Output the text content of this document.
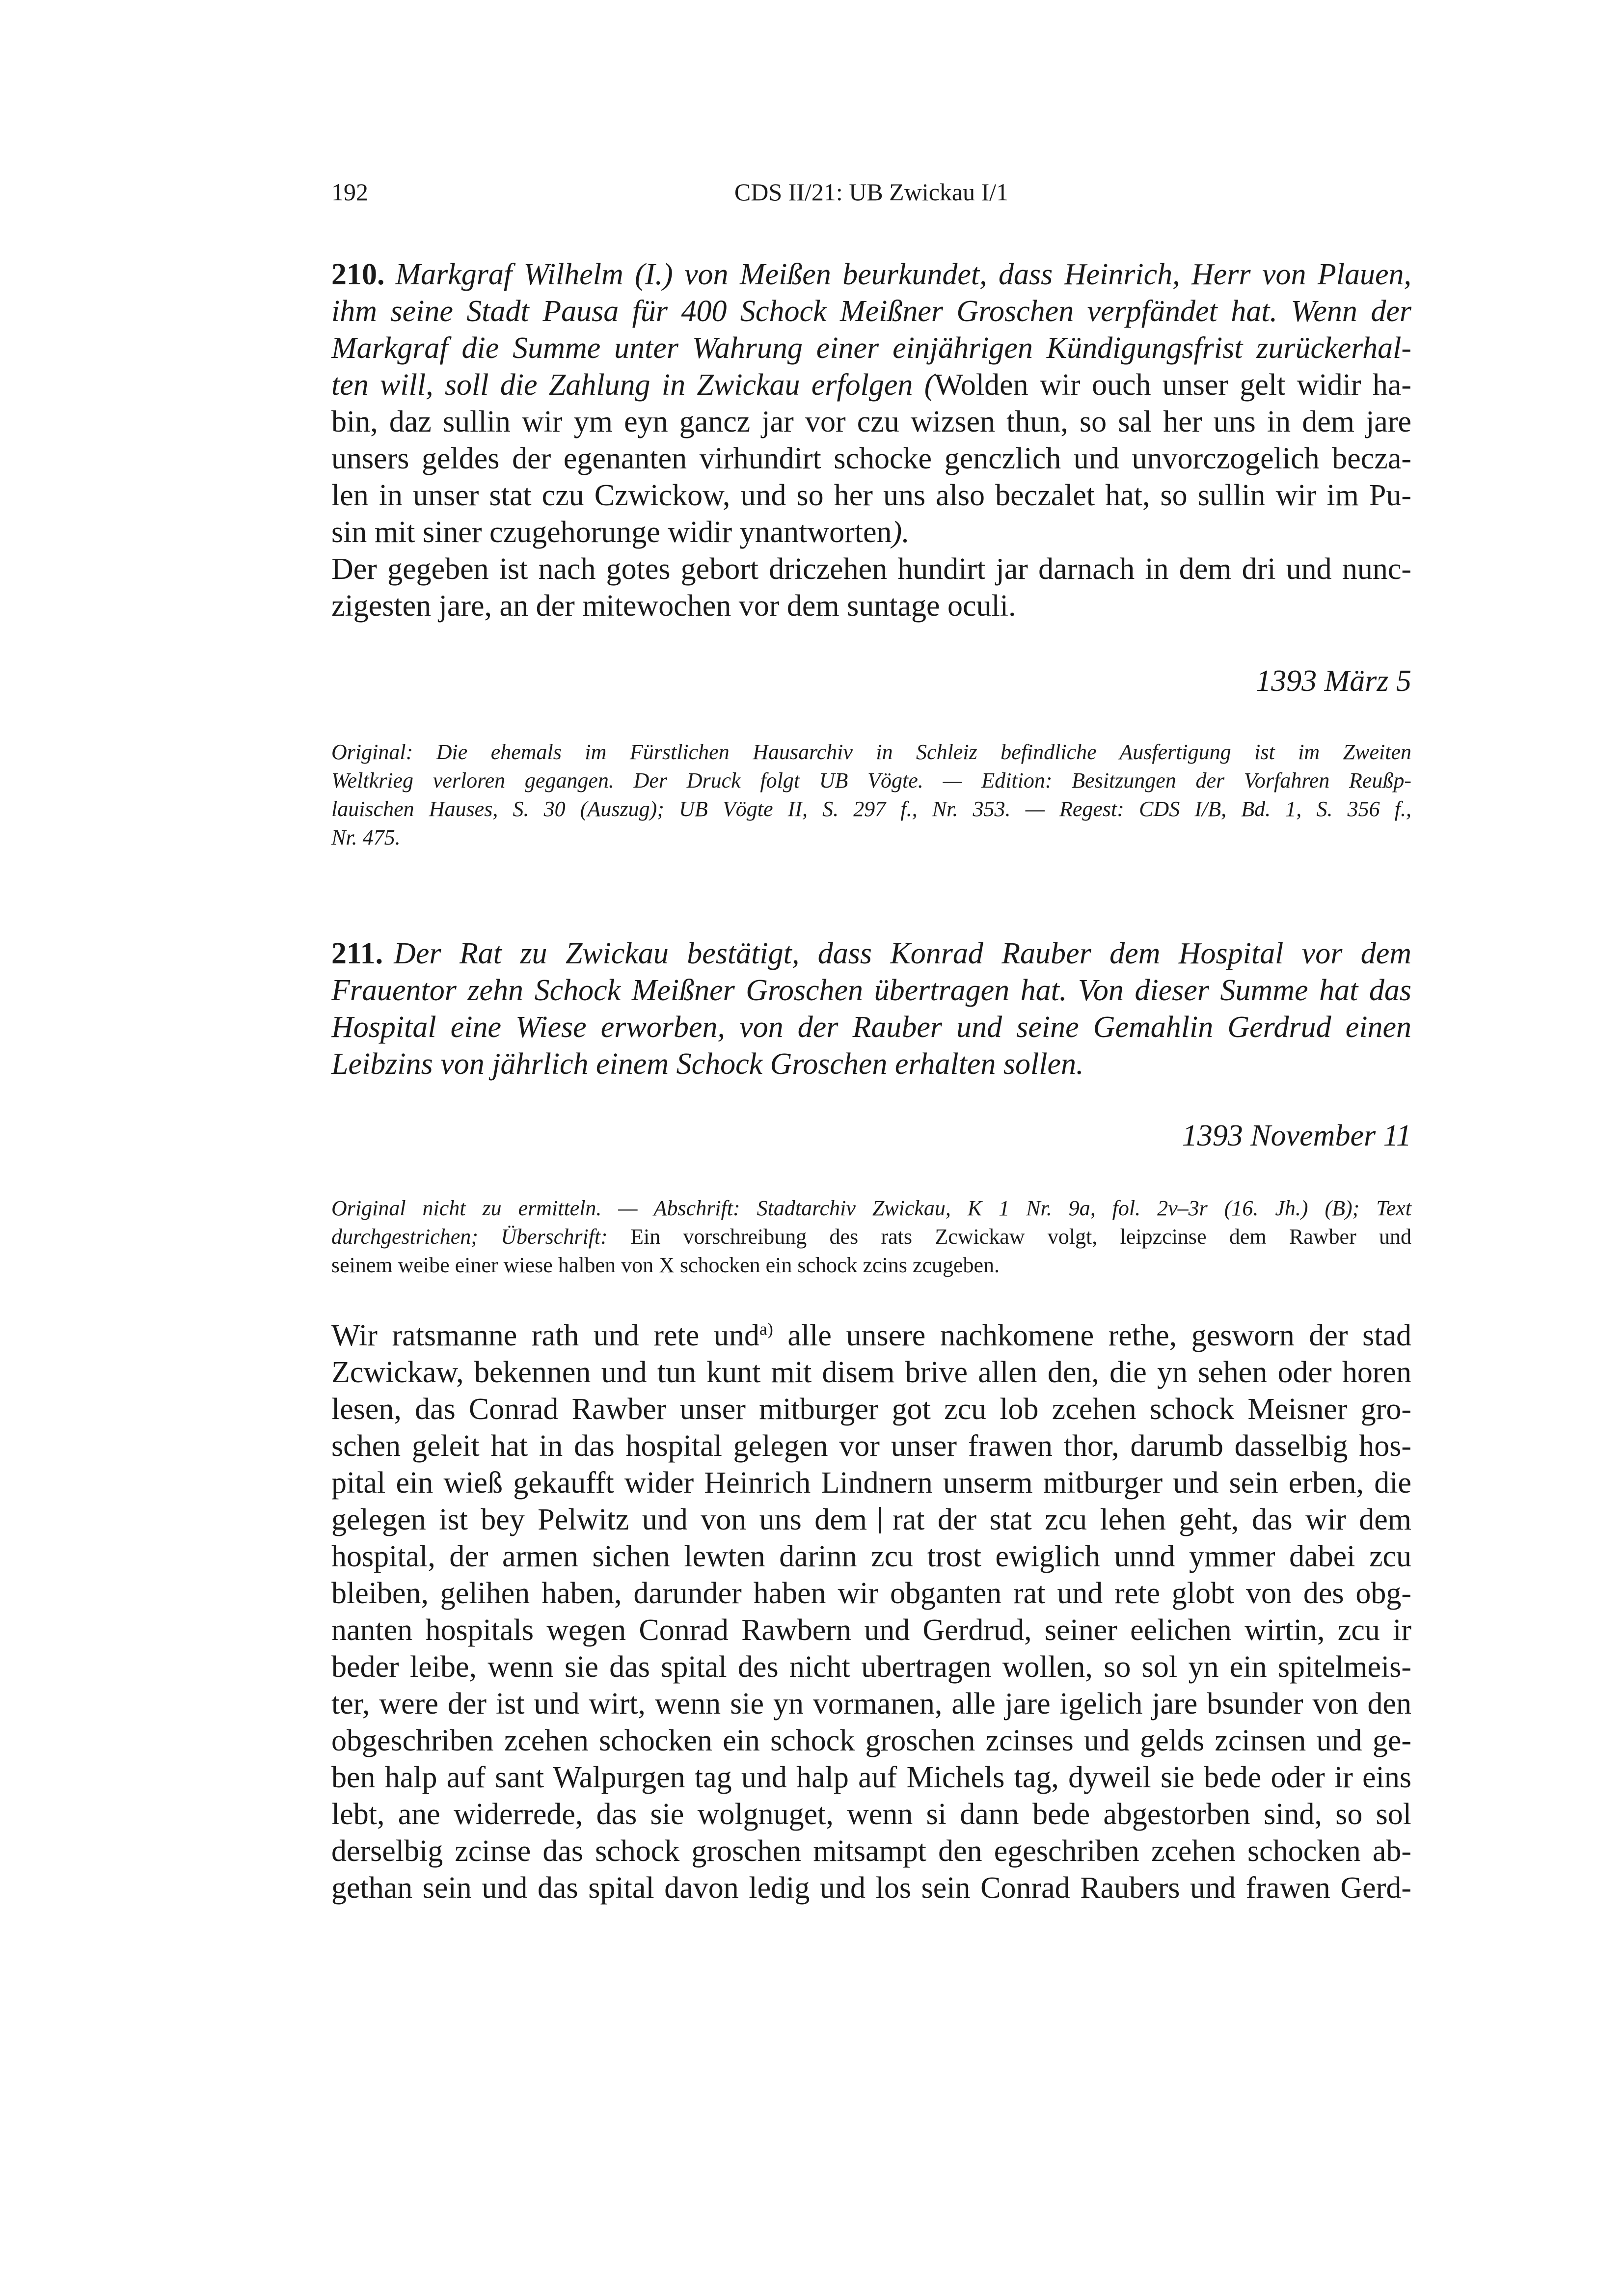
192	CDS II/21: UB Zwickau I/1
210. Markgraf Wilhelm (I.) von Meißen beurkundet, dass Heinrich, Herr von Plauen,
ihm seine Stadt Pausa für 400 Schock Meißner Groschen verpfändet hat. Wenn der
Markgraf die Summe unter Wahrung einer einjährigen Kündigungsfrist zurückerhal-
ten will, soll die Zahlung in Zwickau erfolgen (Wolden wir ouch unser gelt widir ha-
bin, daz sullin wir ym eyn gancz jar vor czu wizsen thun, so sal her uns in dem jare
unsers geldes der egenanten virhundirt schocke genczlich und unvorczogelich becza-
len in unser stat czu Czwickow, und so her uns also beczalet hat, so sullin wir im Pu-
sin mit siner czugehorunge widir ynantworten).
Der gegeben ist nach gotes gebort driczehen hundirt jar darnach in dem dri und nunc-
zigesten jare, an der mitewochen vor dem suntage oculi.
1393 März 5
Original: Die ehemals im Fürstlichen Hausarchiv in Schleiz befindliche Ausfertigung ist im Zweiten
Weltkrieg verloren gegangen. Der Druck folgt UB Vögte. — Edition: Besitzungen der Vorfahren Reußp-
lauischen Hauses, S. 30 (Auszug); UB Vögte II, S. 297 f., Nr. 353. — Regest: CDS I/B, Bd. 1, S. 356 f.,
Nr. 475.
211. Der Rat zu Zwickau bestätigt, dass Konrad Rauber dem Hospital vor dem
Frauentor zehn Schock Meißner Groschen übertragen hat. Von dieser Summe hat das
Hospital eine Wiese erworben, von der Rauber und seine Gemahlin Gerdrud einen
Leibzins von jährlich einem Schock Groschen erhalten sollen.
1393 November 11
Original nicht zu ermitteln. — Abschrift: Stadtarchiv Zwickau, K 1 Nr. 9a, fol. 2v–3r (16. Jh.) (B); Text
durchgestrichen; Überschrift: Ein vorschreibung des rats Zcwickaw volgt, leipzcinse dem Rawber und
seinem weibe einer wiese halben von X schocken ein schock zcins zcugeben.
Wir ratsmanne rath und rete und$^{a)}$ alle unsere nachkomene rethe, gesworn der stad
Zcwickaw, bekennen und tun kunt mit disem brive allen den, die yn sehen oder horen
lesen, das Conrad Rawber unser mitburger got zcu lob zcehen schock Meisner gro-
schen geleit hat in das hospital gelegen vor unser frawen thor, darumb dasselbig hos-
pital ein wieß gekaufft wider Heinrich Lindnern unserm mitburger und sein erben, die
gelegen ist bey Pelwitz und von uns dem rat der stat zcu lehen geht, das wir dem
hospital, der armen sichen lewten darinn zcu trost ewiglich unnd ymmer dabei zcu
bleiben, gelihen haben, darunder haben wir obganten rat und rete globt von des obg-
nanten hospitals wegen Conrad Rawbern und Gerdrud, seiner eelichen wirtin, zcu ir
beder leibe, wenn sie das spital des nicht ubertragen wollen, so sol yn ein spitelmeis-
ter, were der ist und wirt, wenn sie yn vormanen, alle jare igelich jare bsunder von den
obgeschriben zcehen schocken ein schock groschen zcinses und gelds zcinsen und ge-
ben halp auf sant Walpurgen tag und halp auf Michels tag, dyweil sie bede oder ir eins
lebt, ane widerrede, das sie wolgnuget, wenn si dann bede abgestorben sind, so sol
derselbig zcinse das schock groschen mitsampt den egeschriben zcehen schocken ab-
gethan sein und das spital davon ledig und los sein Conrad Raubers und frawen Gerd-
